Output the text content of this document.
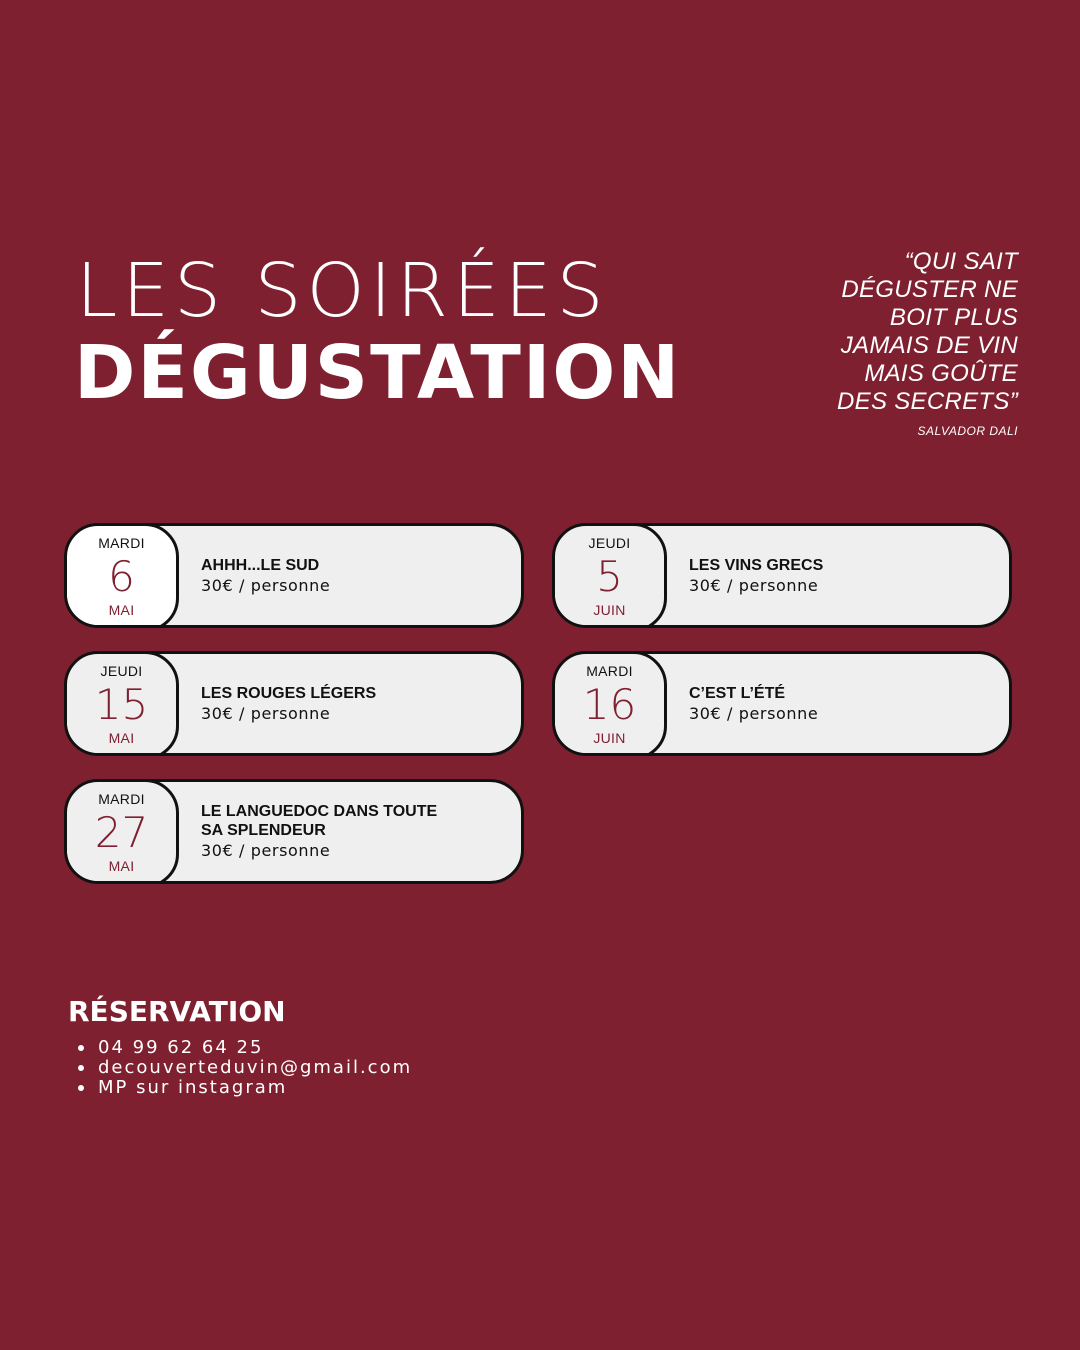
LES SOIRÉES
DÉGUSTATION
“QUI SAIT
DÉGUSTER NE
BOIT PLUS
JAMAIS DE VIN
MAIS GOÛTE
DES SECRETS”
SALVADOR DALI
MARDI
6
MAI
AHHH...LE SUD
30€ / personne
JEUDI
5
JUIN
LES VINS GRECS
30€ / personne
JEUDI
15
MAI
LES ROUGES LÉGERS
30€ / personne
MARDI
16
JUIN
C’EST L’ÉTÉ
30€ / personne
MARDI
27
MAI
LE LANGUEDOC DANS TOUTE SA SPLENDEUR
30€ / personne
RÉSERVATION
04 99 62 64 25
decouverteduvin@gmail.com
MP sur instagram
